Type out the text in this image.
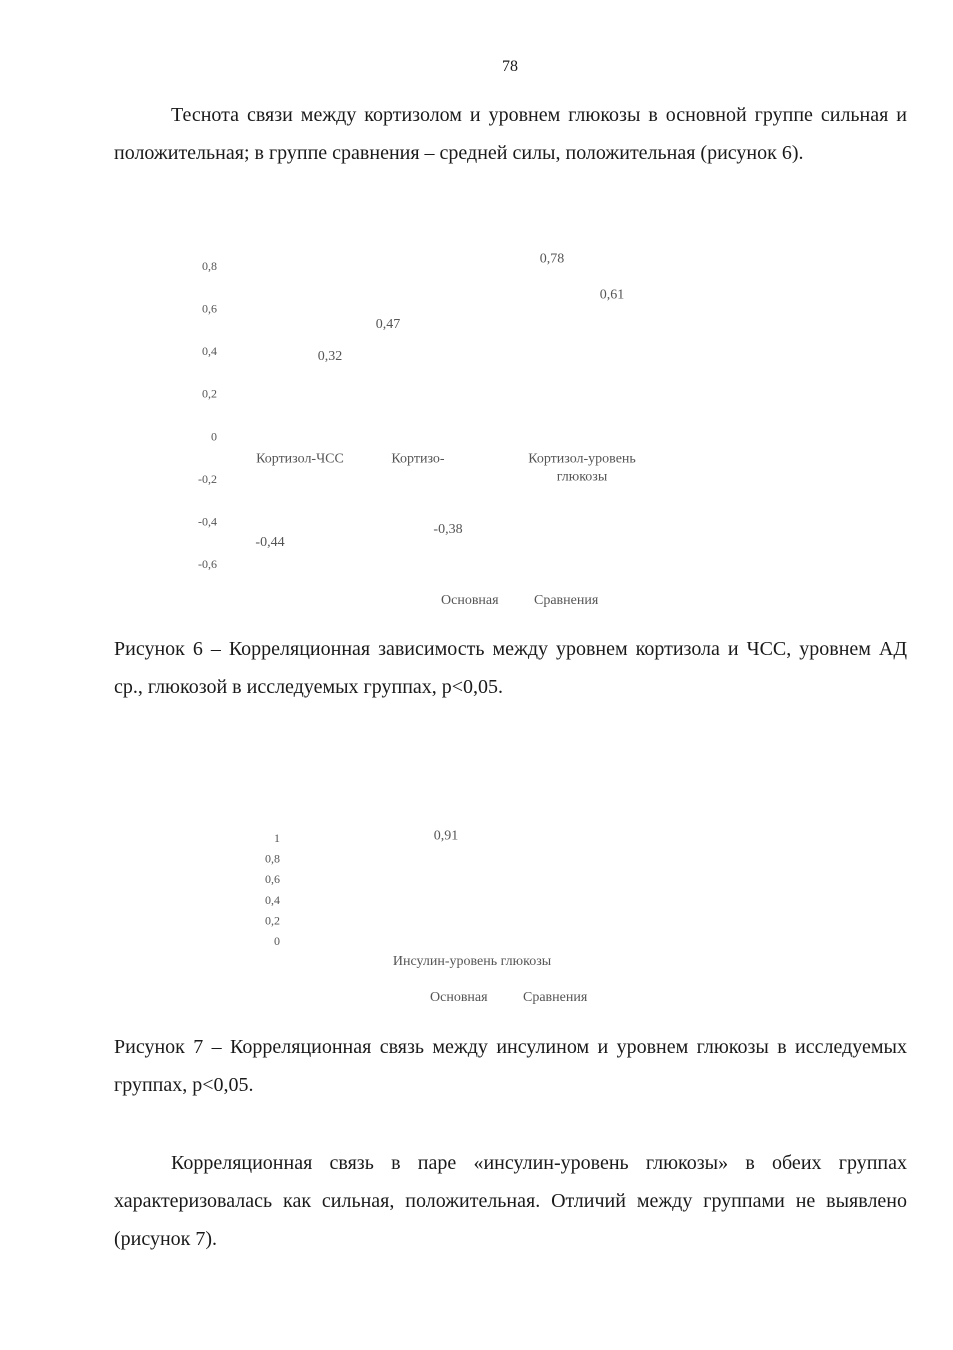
78

Теснота связи между кортизолом и уровнем глюкозы в основной группе сильная и положительная; в группе сравнения – средней силы, положительная (рисунок 6).

0,8
0,6
0,4
0,2
0
-0,2
-0,4
-0,6
Кортизол-ЧСС	Кортизо-	Кортизол-уровень
глюкозы
-0,44
0,47
0,78
0,32
-0,38
0,61
Основная	Сравнения

Рисунок 6 – Корреляционная зависимость между уровнем кортизола и ЧСС, уровнем АД ср., глюкозой в исследуемых группах, p<0,05.

1
0,8
0,6
0,4
0,2
0
Инсулин-уровень глюкозы
0,91
Основная	Сравнения

Рисунок 7 – Корреляционная связь между инсулином и уровнем глюкозы в исследуемых группах, p<0,05.

Корреляционная связь в паре «инсулин-уровень глюкозы» в обеих группах характеризовалась как сильная, положительная. Отличий между группами не выявлено (рисунок 7).
